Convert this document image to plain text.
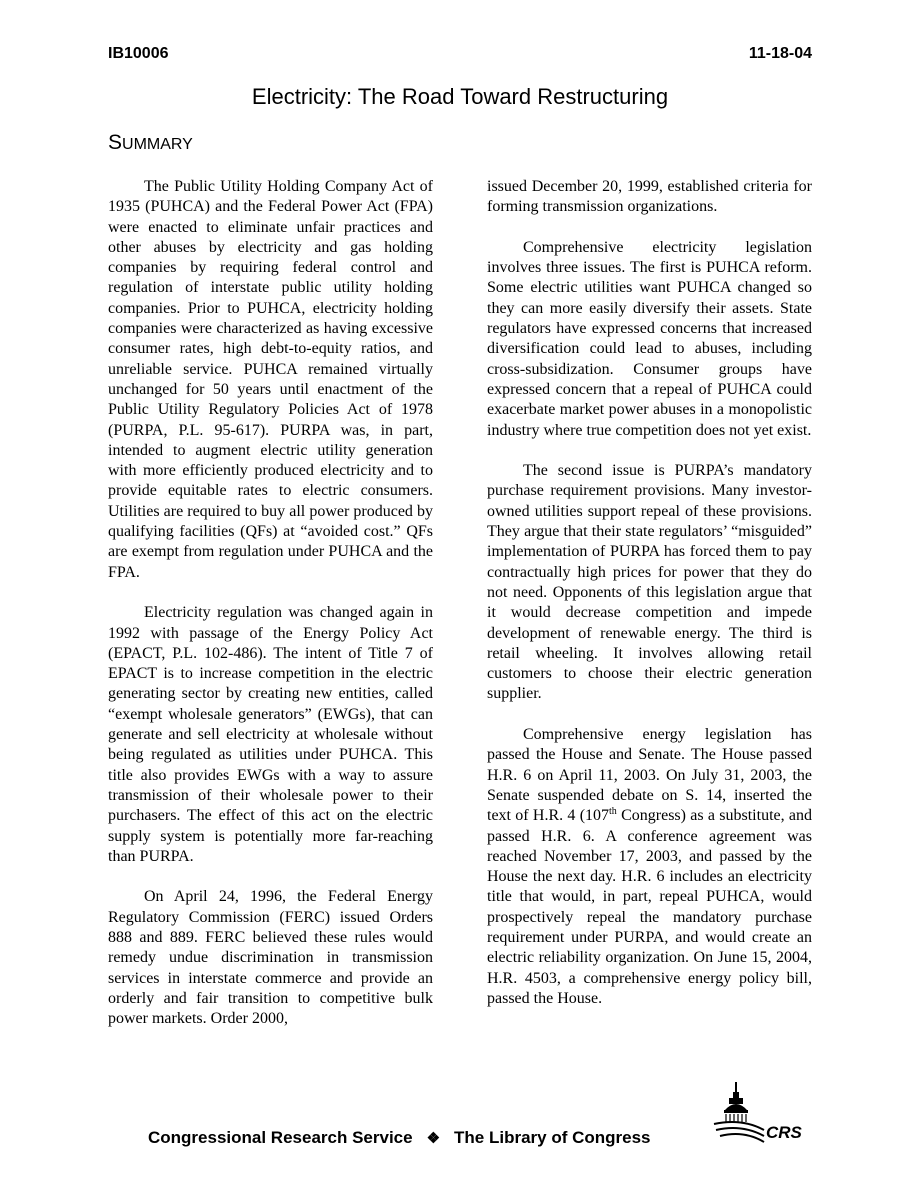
IB10006	11-18-04
Electricity: The Road Toward Restructuring
SUMMARY

The Public Utility Holding Company Act of 1935 (PUHCA) and the Federal Power Act (FPA) were enacted to eliminate unfair practices and other abuses by electricity and gas holding companies by requiring federal control and regulation of interstate public utility holding companies. Prior to PUHCA, electricity holding companies were characterized as having excessive consumer rates, high debt-to-equity ratios, and unreliable service. PUHCA remained virtually unchanged for 50 years until enactment of the Public Utility Regulatory Policies Act of 1978 (PURPA, P.L. 95-617). PURPA was, in part, intended to augment electric utility generation with more efficiently produced electricity and to provide equitable rates to electric consumers. Utilities are required to buy all power produced by qualifying facilities (QFs) at “avoided cost.” QFs are exempt from regulation under PUHCA and the FPA.

Electricity regulation was changed again in 1992 with passage of the Energy Policy Act (EPACT, P.L. 102-486). The intent of Title 7 of EPACT is to increase competition in the electric generating sector by creating new entities, called “exempt wholesale generators” (EWGs), that can generate and sell electricity at wholesale without being regulated as utilities under PUHCA. This title also provides EWGs with a way to assure transmission of their wholesale power to their purchasers. The effect of this act on the electric supply system is potentially more far-reaching than PURPA.

On April 24, 1996, the Federal Energy Regulatory Commission (FERC) issued Orders 888 and 889. FERC believed these rules would remedy undue discrimination in transmission services in interstate commerce and provide an orderly and fair transition to competitive bulk power markets. Order 2000,

issued December 20, 1999, established criteria for forming transmission organizations.

Comprehensive electricity legislation involves three issues. The first is PUHCA reform. Some electric utilities want PUHCA changed so they can more easily diversify their assets. State regulators have expressed concerns that increased diversification could lead to abuses, including cross-subsidization. Consumer groups have expressed concern that a repeal of PUHCA could exacerbate market power abuses in a monopolistic industry where true competition does not yet exist.

The second issue is PURPA’s mandatory purchase requirement provisions. Many investor-owned utilities support repeal of these provisions. They argue that their state regulators’ “misguided” implementation of PURPA has forced them to pay contractually high prices for power that they do not need. Opponents of this legislation argue that it would decrease competition and impede development of renewable energy. The third is retail wheeling. It involves allowing retail customers to choose their electric generation supplier.

Comprehensive energy legislation has passed the House and Senate. The House passed H.R. 6 on April 11, 2003. On July 31, 2003, the Senate suspended debate on S. 14, inserted the text of H.R. 4 (107th Congress) as a substitute, and passed H.R. 6. A conference agreement was reached November 17, 2003, and passed by the House the next day. H.R. 6 includes an electricity title that would, in part, repeal PUHCA, would prospectively repeal the mandatory purchase requirement under PURPA, and would create an electric reliability organization. On June 15, 2004, H.R. 4503, a comprehensive energy policy bill, passed the House.

Congressional Research Service ❖ The Library of Congress	CRS
